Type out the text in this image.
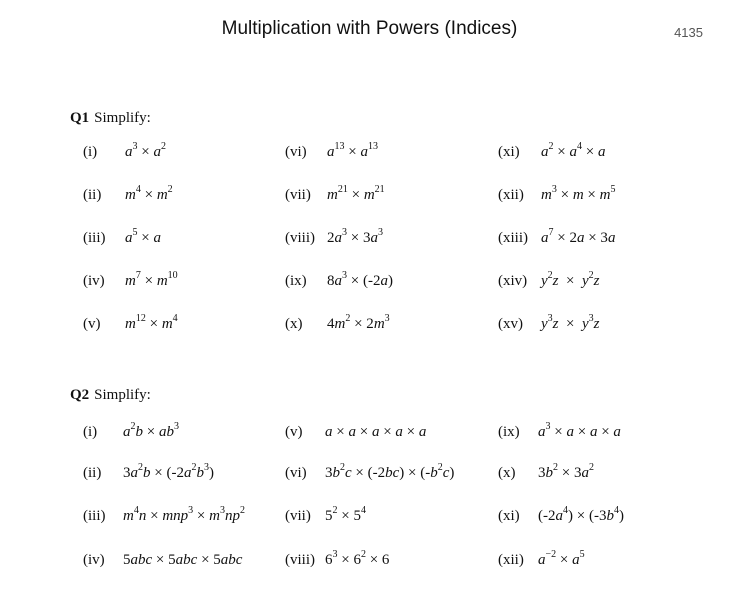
Multiplication with Powers (Indices)	4135
Q1 Simplify:
Q2 Simplify:
(i) $a^3 \times a^2$
(ii) $m^4 \times m^2$
(iii) $a^5 \times a$
(iv) $m^7 \times m^{10}$
(v) $m^{12} \times m^4$
(vi) $a^{13} \times a^{13}$
(vii) $m^{21} \times m^{21}$
(viii) $2a^3 \times 3a^3$
(ix) $8a^3 \times (-2a)$
(x) $4m^2 \times 2m^3$
(xi) $a^2 \times a^4 \times a$
(xii) $m^3 \times m \times m^5$
(xiii) $a^7 \times 2a \times 3a$
(xiv) $y^2z \times y^2z$
(xv) $y^3z \times y^3z$
(i) $a^2b \times ab^3$
(ii) $3a^2b \times (-2a^2b^3)$
(iii) $m^4n \times mnp^3 \times m^3np^2$
(iv) 5abc × 5abc × 5abc
(v) a × a × a × a × a
(vi) $3b^2c \times (-2bc) \times (-b^2c)$
(vii) $5^2 \times 5^4$
(viii) $6^3 \times 6^2 \times 6$
(ix) $a^3 \times a \times a \times a$
(x) $3b^2 \times 3a^2$
(xi) $(-2a^4) \times (-3b^4)$
(xii) $a^{-2} \times a^5$
